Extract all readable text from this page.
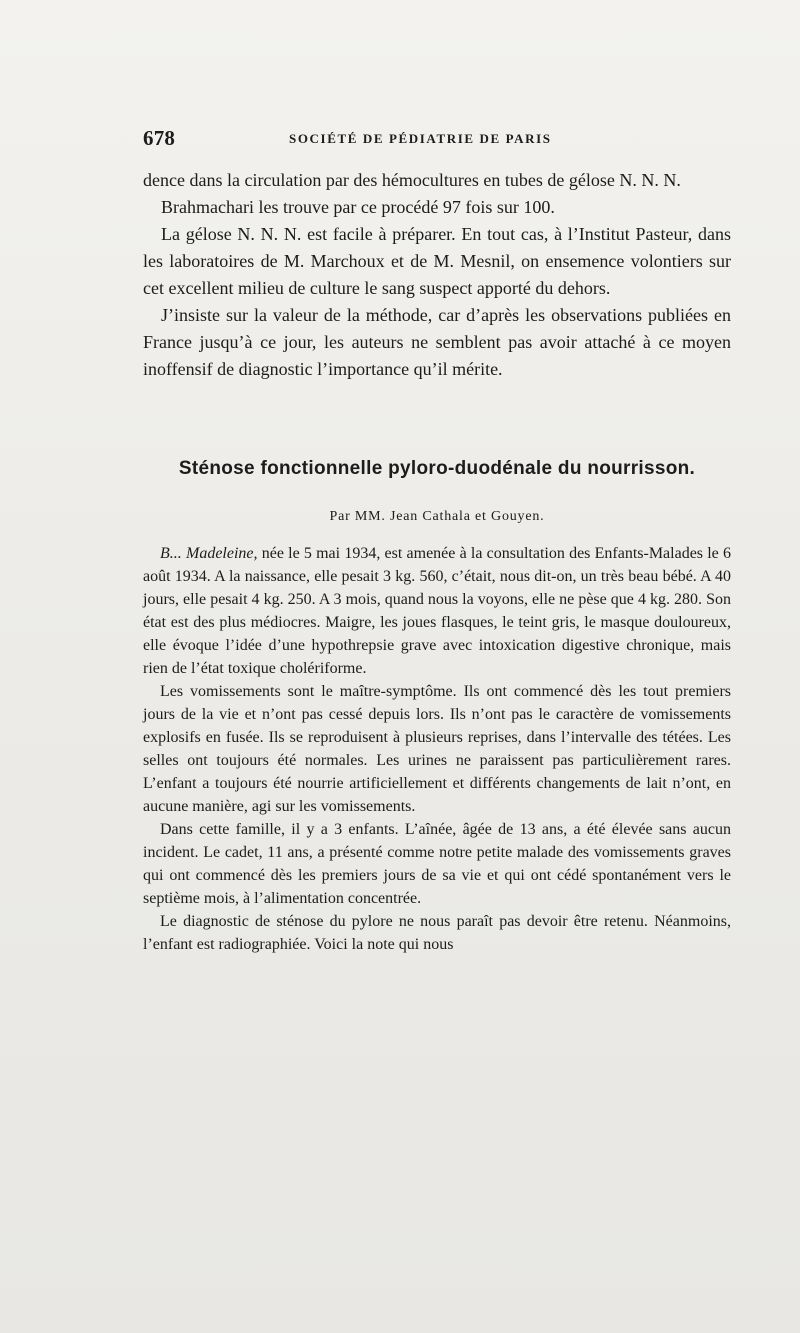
678	SOCIÉTÉ DE PÉDIATRIE DE PARIS

dence dans la circulation par des hémocultures en tubes de gélose N. N. N.

Brahmachari les trouve par ce procédé 97 fois sur 100.

La gélose N. N. N. est facile à préparer. En tout cas, à l’Institut Pasteur, dans les laboratoires de M. Marchoux et de M. Mesnil, on ensemence volontiers sur cet excellent milieu de culture le sang suspect apporté du dehors.

J’insiste sur la valeur de la méthode, car d’après les observations publiées en France jusqu’à ce jour, les auteurs ne semblent pas avoir attaché à ce moyen inoffensif de diagnostic l’importance qu’il mérite.

Sténose fonctionnelle pyloro-duodénale du nourrisson.

Par MM. Jean Cathala et Gouyen.

B... Madeleine, née le 5 mai 1934, est amenée à la consultation des Enfants-Malades le 6 août 1934. A la naissance, elle pesait 3 kg. 560, c’était, nous dit-on, un très beau bébé. A 40 jours, elle pesait 4 kg. 250. A 3 mois, quand nous la voyons, elle ne pèse que 4 kg. 280. Son état est des plus médiocres. Maigre, les joues flasques, le teint gris, le masque douloureux, elle évoque l’idée d’une hypothrepsie grave avec intoxication digestive chronique, mais rien de l’état toxique cholériforme.

Les vomissements sont le maître-symptôme. Ils ont commencé dès les tout premiers jours de la vie et n’ont pas cessé depuis lors. Ils n’ont pas le caractère de vomissements explosifs en fusée. Ils se reproduisent à plusieurs reprises, dans l’intervalle des tétées. Les selles ont toujours été normales. Les urines ne paraissent pas particulièrement rares. L’enfant a toujours été nourrie artificiellement et différents changements de lait n’ont, en aucune manière, agi sur les vomissements.

Dans cette famille, il y a 3 enfants. L’aînée, âgée de 13 ans, a été élevée sans aucun incident. Le cadet, 11 ans, a présenté comme notre petite malade des vomissements graves qui ont commencé dès les premiers jours de sa vie et qui ont cédé spontanément vers le septième mois, à l’alimentation concentrée.

Le diagnostic de sténose du pylore ne nous paraît pas devoir être retenu. Néanmoins, l’enfant est radiographiée. Voici la note qui nous
